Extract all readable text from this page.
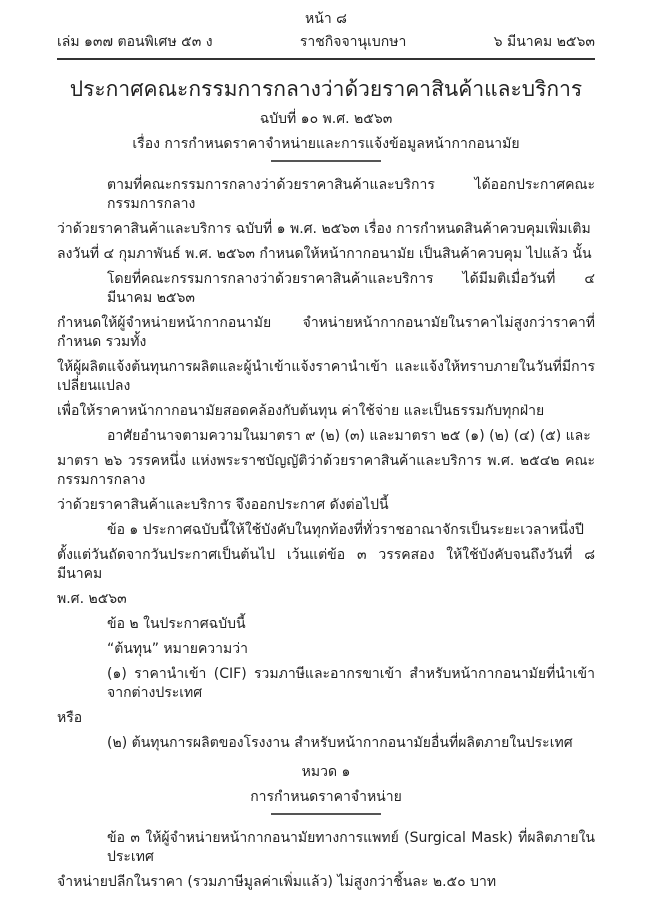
หน้า ๘
เล่ม ๑๓๗ ตอนพิเศษ ๕๓ ง	ราชกิจจานุเบกษา	๖ มีนาคม ๒๕๖๓
ประกาศคณะกรรมการกลางว่าด้วยราคาสินค้าและบริการ
ฉบับที่ ๑๐ พ.ศ. ๒๕๖๓
เรื่อง การกำหนดราคาจำหน่ายและการแจ้งข้อมูลหน้ากากอนามัย
ตามที่คณะกรรมการกลางว่าด้วยราคาสินค้าและบริการ ได้ออกประกาศคณะกรรมการกลาง
ว่าด้วยราคาสินค้าและบริการ ฉบับที่ ๑ พ.ศ. ๒๕๖๓ เรื่อง การกำหนดสินค้าควบคุมเพิ่มเติม
ลงวันที่ ๔ กุมภาพันธ์ พ.ศ. ๒๕๖๓ กำหนดให้หน้ากากอนามัย เป็นสินค้าควบคุม ไปแล้ว นั้น
โดยที่คณะกรรมการกลางว่าด้วยราคาสินค้าและบริการ ได้มีมติเมื่อวันที่ ๔ มีนาคม ๒๕๖๓
กำหนดให้ผู้จำหน่ายหน้ากากอนามัย จำหน่ายหน้ากากอนามัยในราคาไม่สูงกว่าราคาที่กำหนด รวมทั้ง
ให้ผู้ผลิตแจ้งต้นทุนการผลิตและผู้นำเข้าแจ้งราคานำเข้า และแจ้งให้ทราบภายในวันที่มีการเปลี่ยนแปลง
เพื่อให้ราคาหน้ากากอนามัยสอดคล้องกับต้นทุน ค่าใช้จ่าย และเป็นธรรมกับทุกฝ่าย
อาศัยอำนาจตามความในมาตรา ๙ (๒) (๓) และมาตรา ๒๕ (๑) (๒) (๔) (๕) และ
มาตรา ๒๖ วรรคหนึ่ง แห่งพระราชบัญญัติว่าด้วยราคาสินค้าและบริการ พ.ศ. ๒๕๔๒ คณะกรรมการกลาง
ว่าด้วยราคาสินค้าและบริการ จึงออกประกาศ ดังต่อไปนี้
ข้อ ๑ ประกาศฉบับนี้ให้ใช้บังคับในทุกท้องที่ทั่วราชอาณาจักรเป็นระยะเวลาหนึ่งปี
ตั้งแต่วันถัดจากวันประกาศเป็นต้นไป เว้นแต่ข้อ ๓ วรรคสอง ให้ใช้บังคับจนถึงวันที่ ๘ มีนาคม
พ.ศ. ๒๕๖๓
ข้อ ๒ ในประกาศฉบับนี้
“ต้นทุน” หมายความว่า
(๑) ราคานำเข้า (CIF) รวมภาษีและอากรขาเข้า สำหรับหน้ากากอนามัยที่นำเข้าจากต่างประเทศ
หรือ
(๒) ต้นทุนการผลิตของโรงงาน สำหรับหน้ากากอนามัยอื่นที่ผลิตภายในประเทศ
หมวด ๑
การกำหนดราคาจำหน่าย
ข้อ ๓ ให้ผู้จำหน่ายหน้ากากอนามัยทางการแพทย์ (Surgical Mask) ที่ผลิตภายในประเทศ
จำหน่ายปลีกในราคา (รวมภาษีมูลค่าเพิ่มแล้ว) ไม่สูงกว่าชิ้นละ ๒.๕๐ บาท
